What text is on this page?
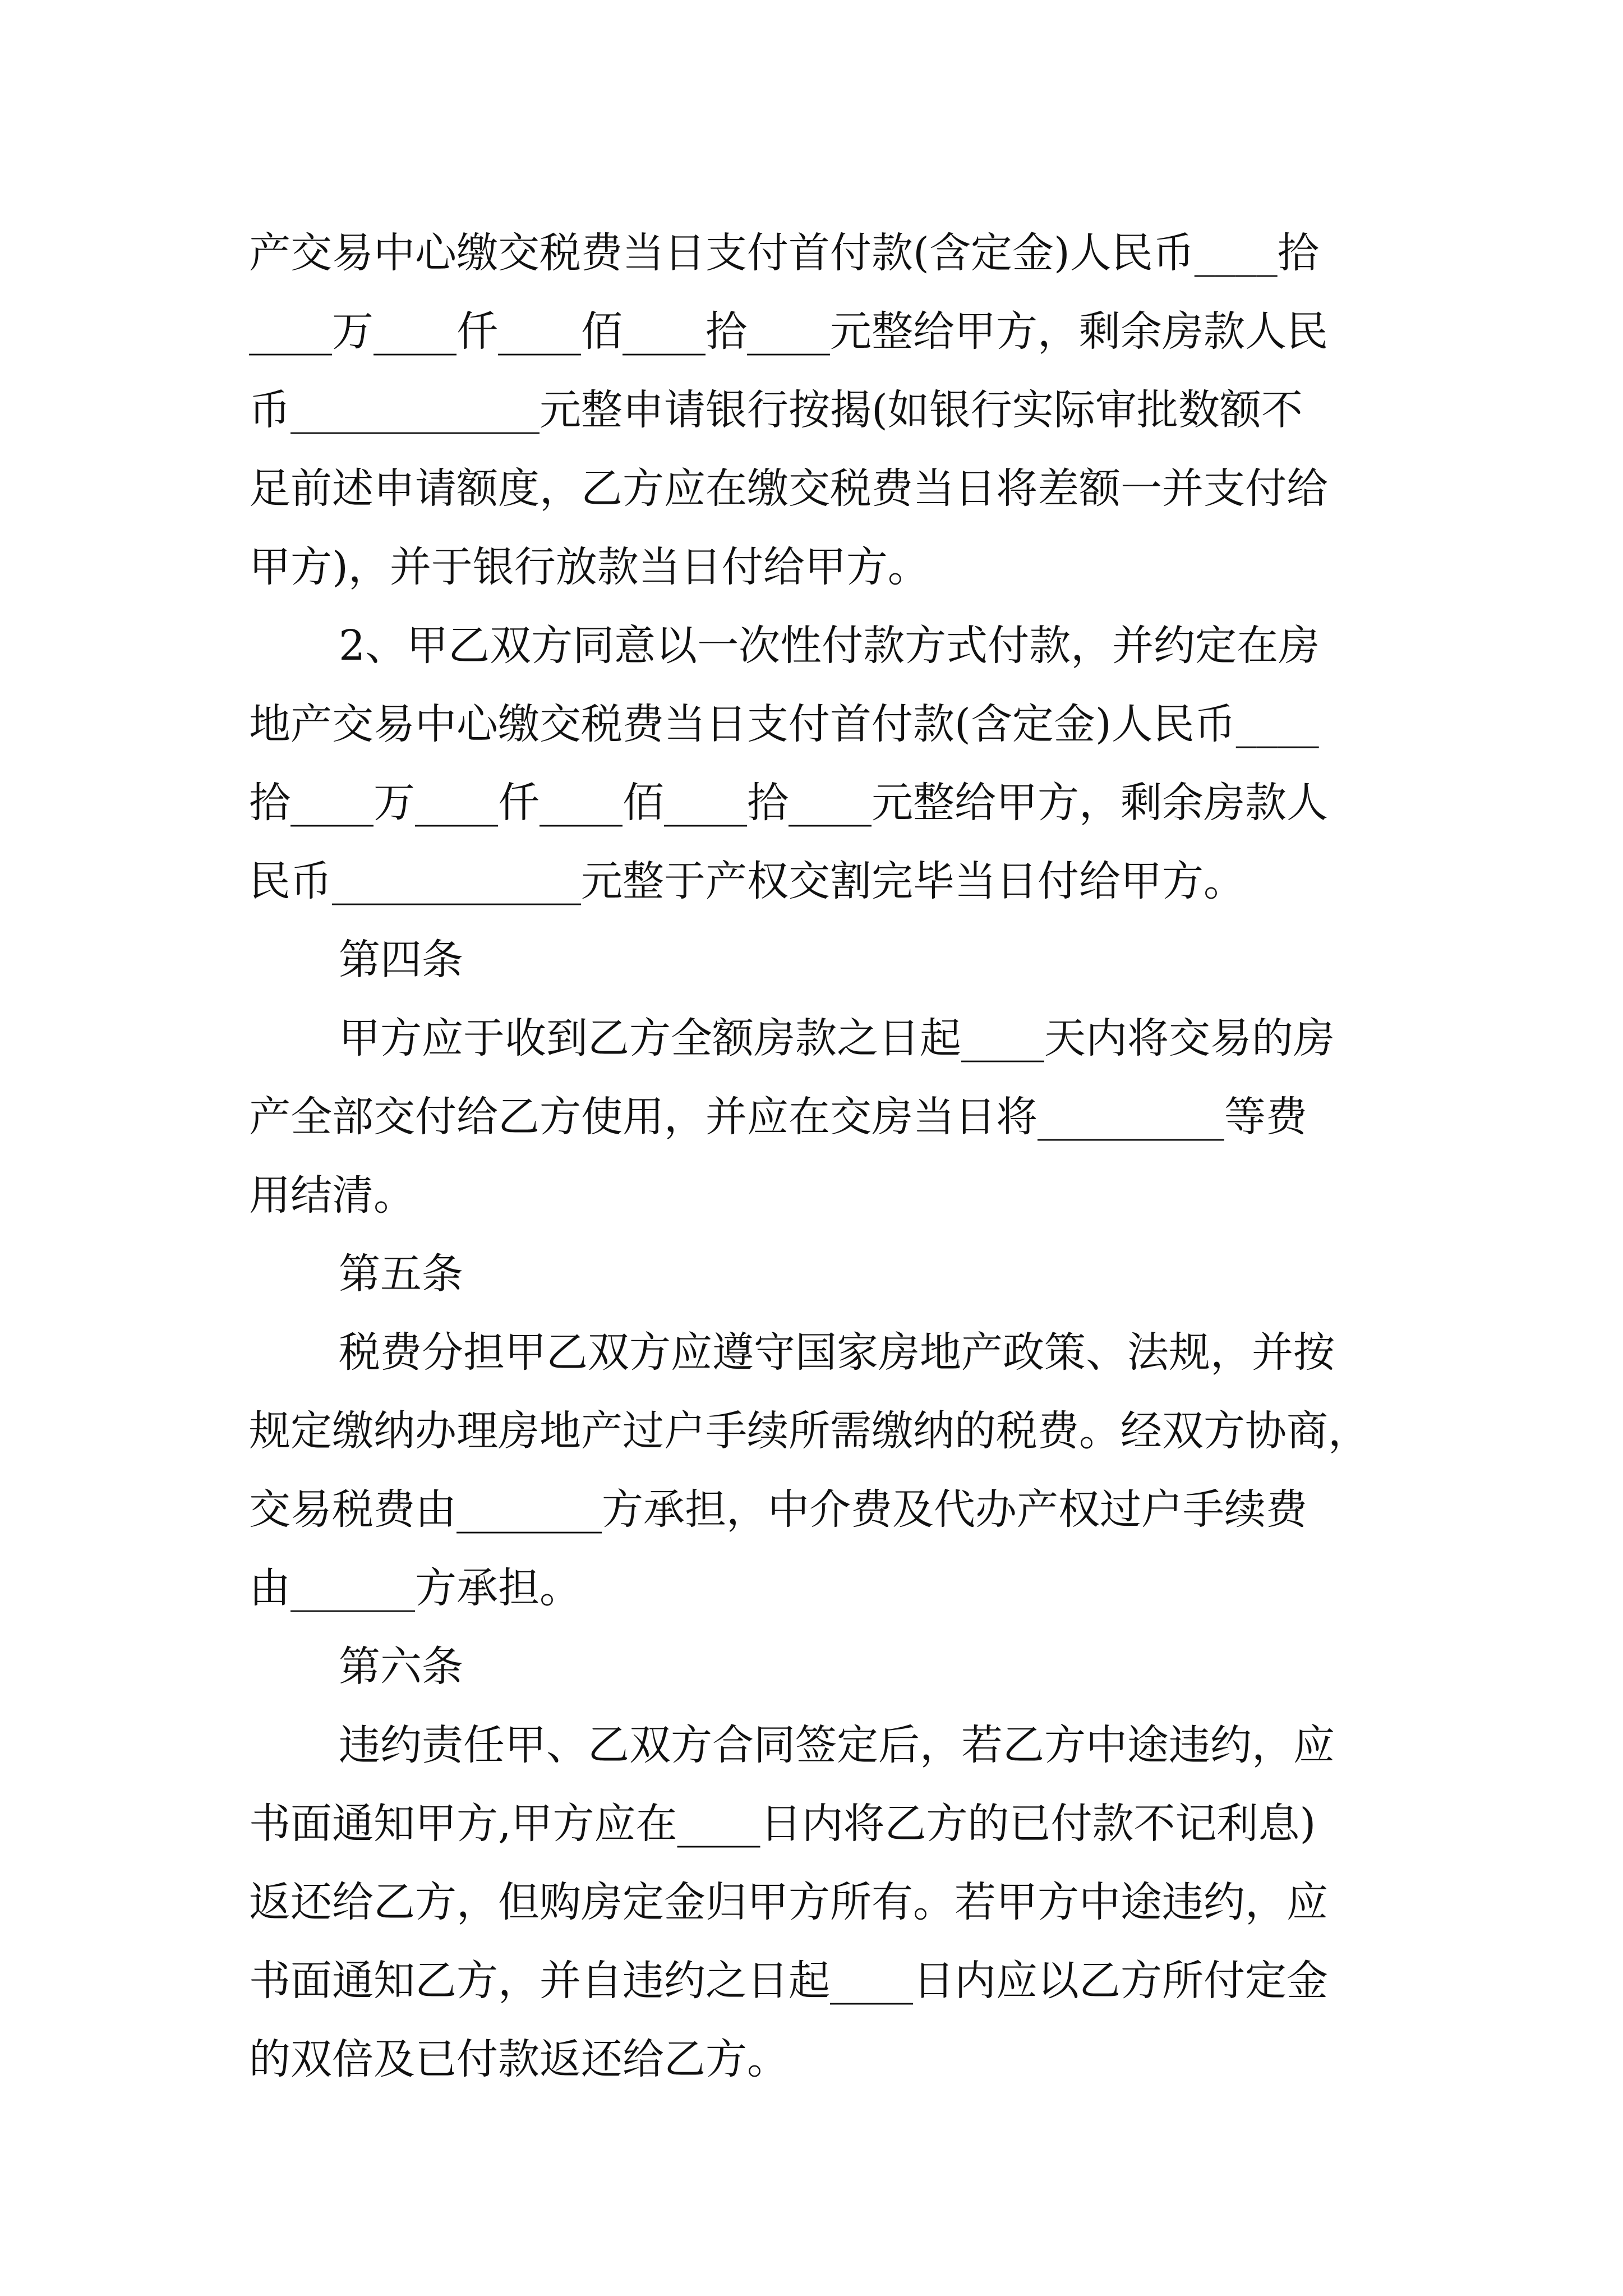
产交易中心缴交税费当日支付首付款(含定金)人民币____拾
____万____仟____佰____拾____元整给甲方，剩余房款人民
币____________元整申请银行按揭(如银行实际审批数额不
足前述申请额度，乙方应在缴交税费当日将差额一并支付给
甲方)，并于银行放款当日付给甲方。
2、甲乙双方同意以一次性付款方式付款，并约定在房
地产交易中心缴交税费当日支付首付款(含定金)人民币____
拾____万____仟____佰____拾____元整给甲方，剩余房款人
民币____________元整于产权交割完毕当日付给甲方。
第四条
甲方应于收到乙方全额房款之日起____天内将交易的房
产全部交付给乙方使用，并应在交房当日将_________等费
用结清。
第五条
税费分担甲乙双方应遵守国家房地产政策、法规，并按
规定缴纳办理房地产过户手续所需缴纳的税费。经双方协商，
交易税费由_______方承担，中介费及代办产权过户手续费
由______方承担。
第六条
违约责任甲、乙双方合同签定后，若乙方中途违约，应
书面通知甲方,甲方应在____日内将乙方的已付款不记利息)
返还给乙方，但购房定金归甲方所有。若甲方中途违约，应
书面通知乙方，并自违约之日起____日内应以乙方所付定金
的双倍及已付款返还给乙方。
